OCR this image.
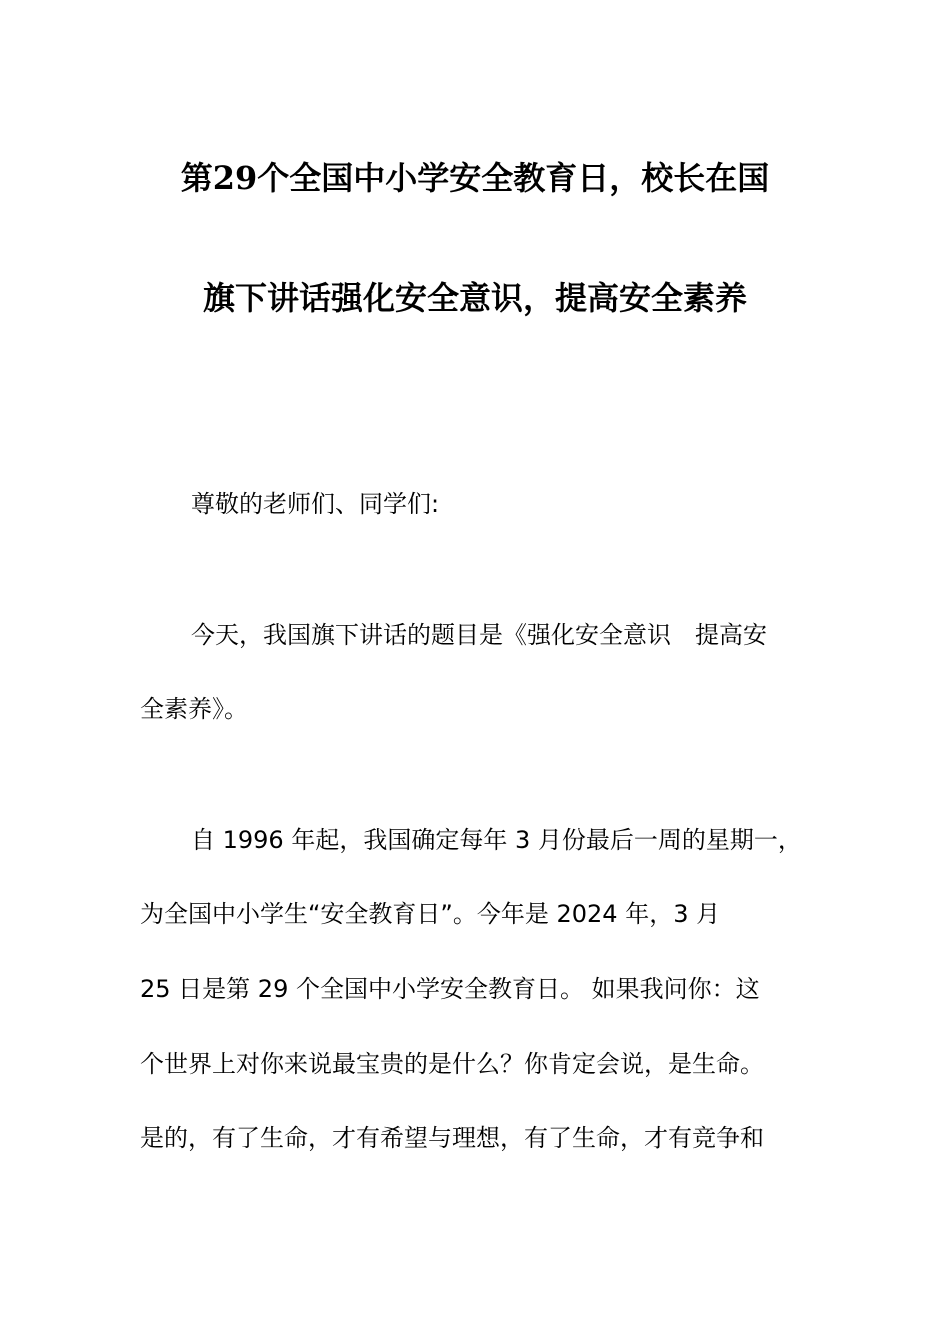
第29个全国中小学安全教育日，校长在国
旗下讲话强化安全意识，提高安全素养
尊敬的老师们、同学们:
今天，我国旗下讲话的题目是《强化安全意识　提高安
全素养》。
自 1996 年起，我国确定每年 3 月份最后一周的星期一，
为全国中小学生“安全教育日”。今年是 2024 年，3 月
25 日是第 29 个全国中小学安全教育日。 如果我问你：这
个世界上对你来说最宝贵的是什么？你肯定会说，是生命。
是的，有了生命，才有希望与理想，有了生命，才有竞争和
